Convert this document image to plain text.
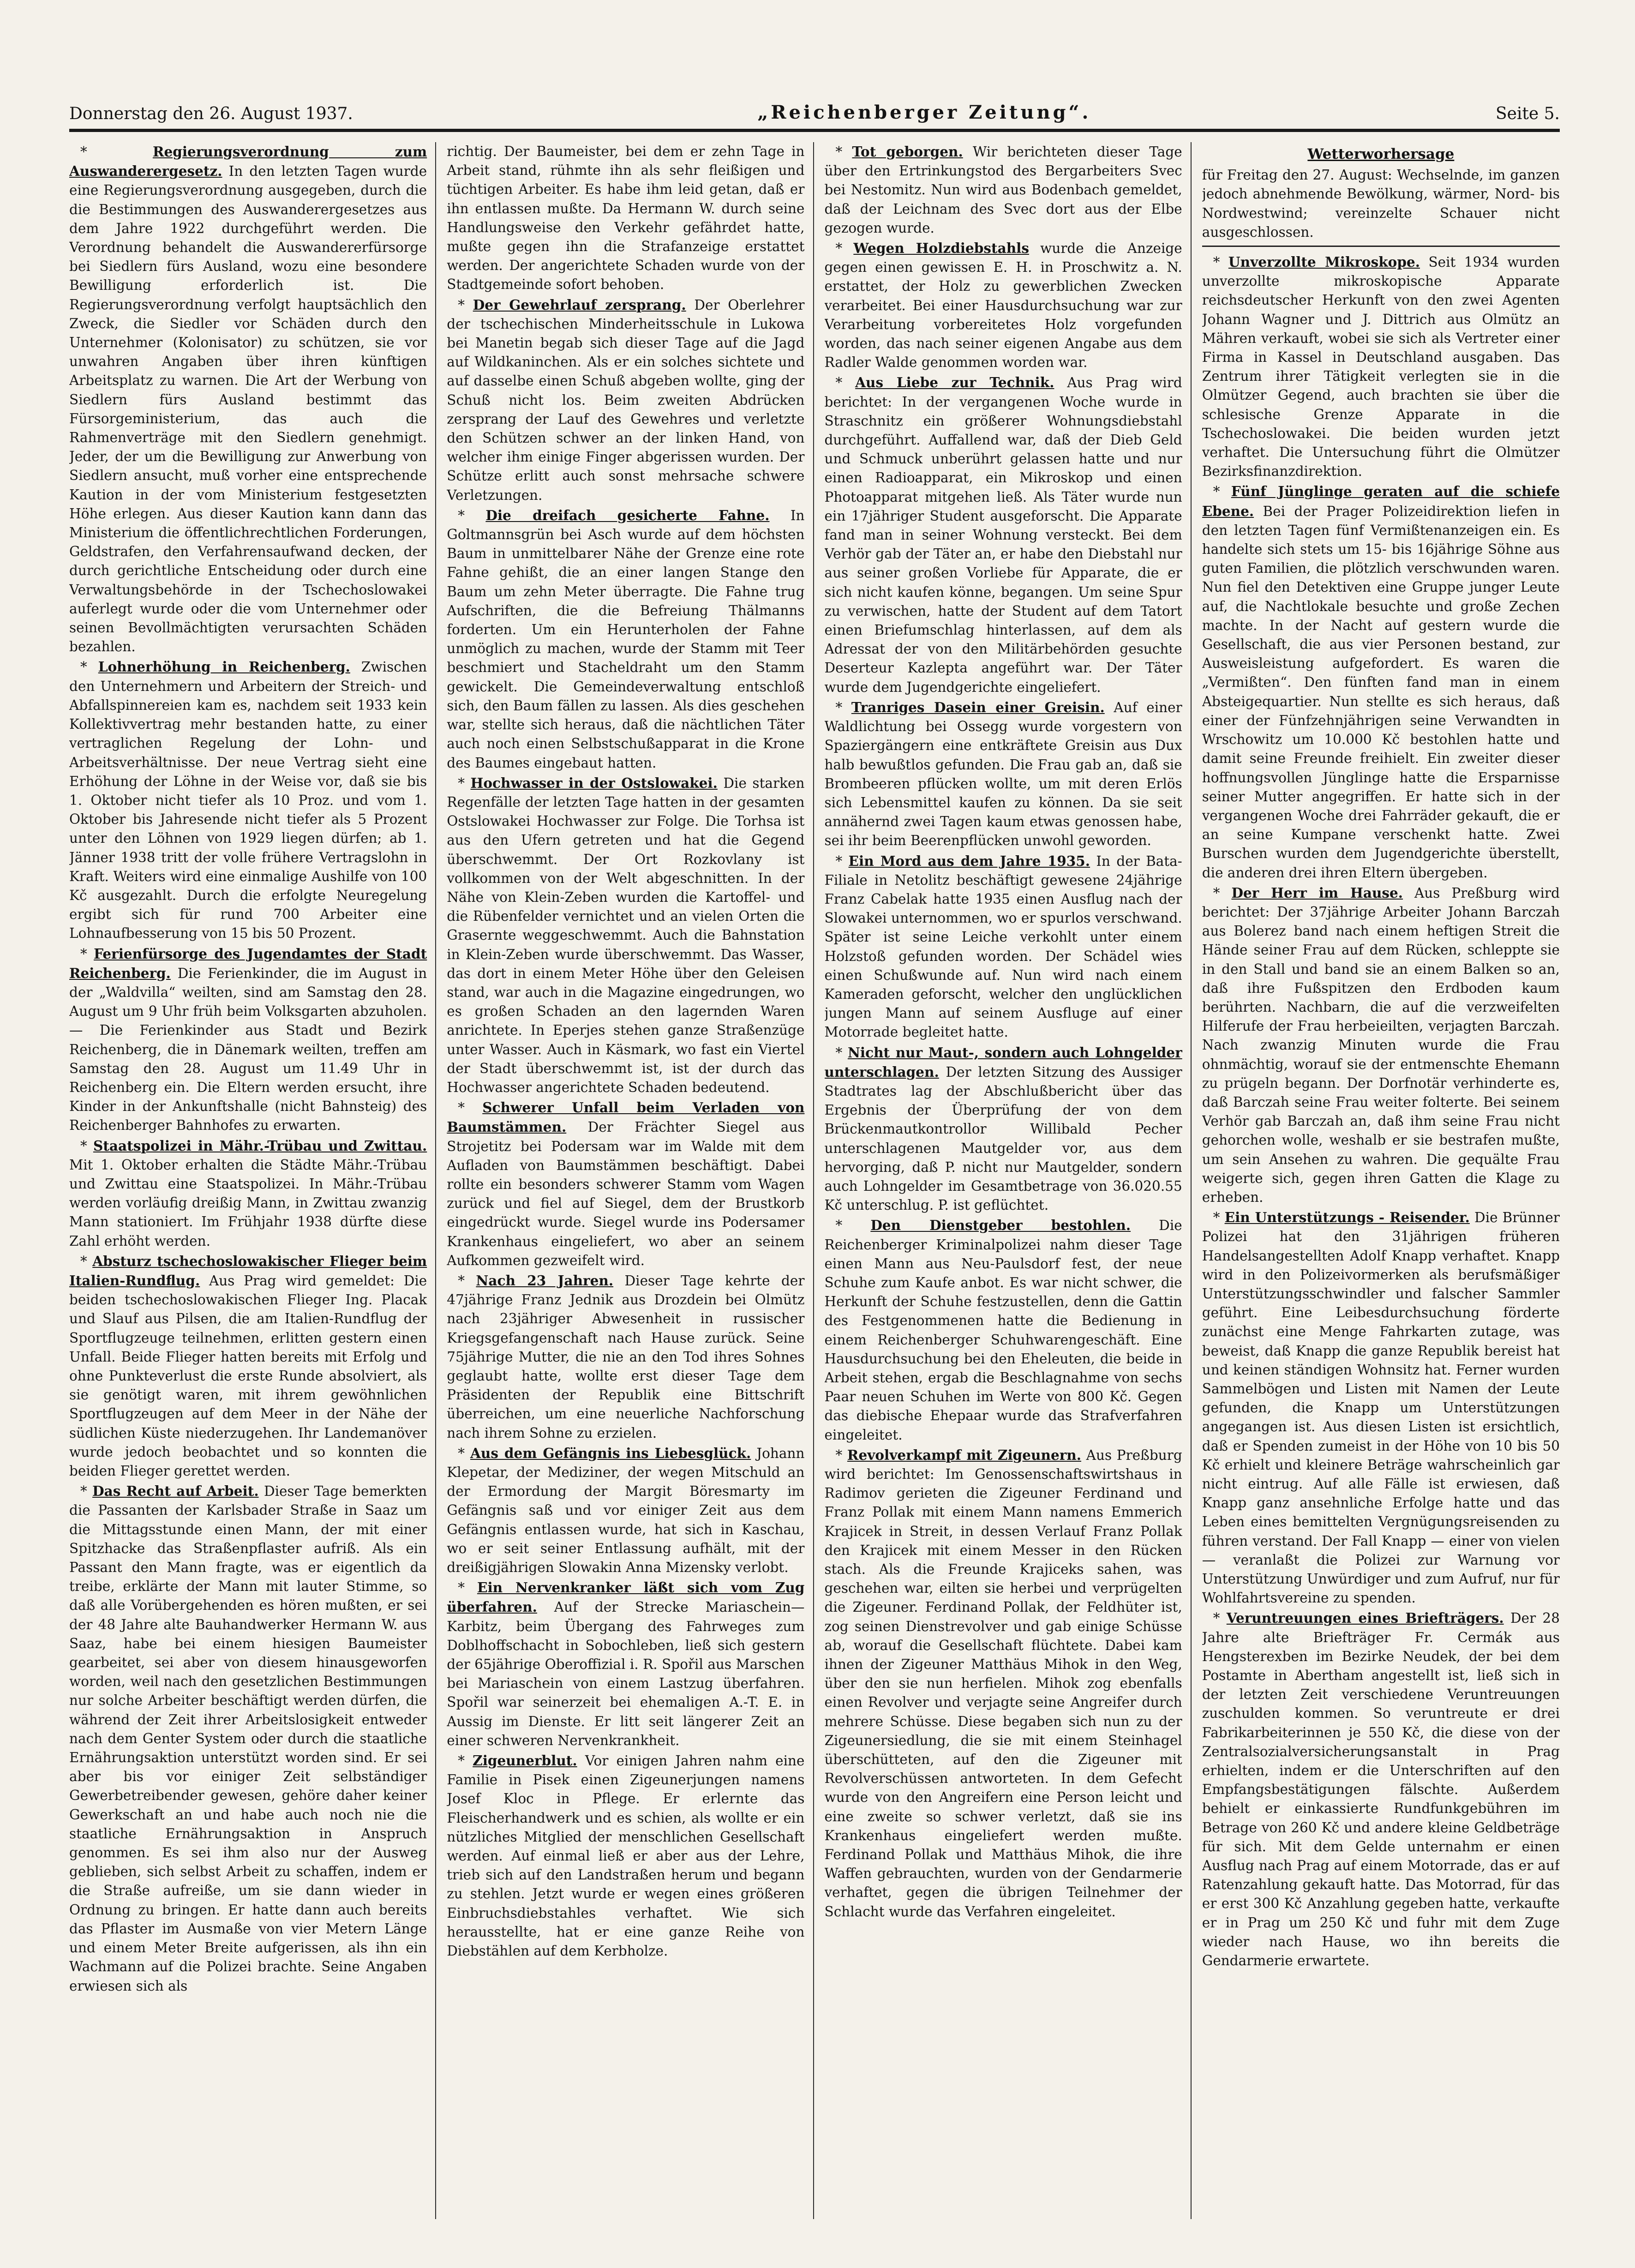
Donnerstag den 26. August 1937.	„Reichenberger Zeitung“.	Seite 5.

* Regierungsverordnung zum Auswanderergesetz. In den letzten Tagen wurde eine Regierungsverordnung ausgegeben, durch die die Bestimmungen des Auswanderergesetzes aus dem Jahre 1922 durchgeführt werden. Die Verordnung behandelt die Auswandererfürsorge bei Siedlern fürs Ausland, wozu eine besondere Bewilligung erforderlich ist. Die Regierungsverordnung verfolgt hauptsächlich den Zweck, die Siedler vor Schäden durch den Unternehmer (Kolonisator) zu schützen, sie vor unwahren Angaben über ihren künftigen Arbeitsplatz zu warnen. Die Art der Werbung von Siedlern fürs Ausland bestimmt das Fürsorgeministerium, das auch die Rahmenverträge mit den Siedlern genehmigt. Jeder, der um die Bewilligung zur Anwerbung von Siedlern ansucht, muß vorher eine entsprechende Kaution in der vom Ministerium festgesetzten Höhe erlegen. Aus dieser Kaution kann dann das Ministerium die öffentlichrechtlichen Forderungen, Geldstrafen, den Verfahrensaufwand decken, der durch gerichtliche Entscheidung oder durch eine Verwaltungsbehörde in der Tschechoslowakei auferlegt wurde oder die vom Unternehmer oder seinen Bevollmächtigten verursachten Schäden bezahlen.

* Lohnerhöhung in Reichenberg. Zwischen den Unternehmern und Arbeitern der Streich- und Abfallspinnereien kam es, nachdem seit 1933 kein Kollektivvertrag mehr bestanden hatte, zu einer vertraglichen Regelung der Lohn- und Arbeitsverhältnisse. Der neue Vertrag sieht eine Erhöhung der Löhne in der Weise vor, daß sie bis 1. Oktober nicht tiefer als 10 Proz. und vom 1. Oktober bis Jahresende nicht tiefer als 5 Prozent unter den Löhnen von 1929 liegen dürfen; ab 1. Jänner 1938 tritt der volle frühere Vertragslohn in Kraft. Weiters wird eine einmalige Aushilfe von 100 Kč ausgezahlt. Durch die erfolgte Neuregelung ergibt sich für rund 700 Arbeiter eine Lohnaufbesserung von 15 bis 50 Prozent.

* Ferienfürsorge des Jugendamtes der Stadt Reichenberg. Die Ferienkinder, die im August in der „Waldvilla“ weilten, sind am Samstag den 28. August um 9 Uhr früh beim Volksgarten abzuholen. — Die Ferienkinder aus Stadt und Bezirk Reichenberg, die in Dänemark weilten, treffen am Samstag den 28. August um 11.49 Uhr in Reichenberg ein. Die Eltern werden ersucht, ihre Kinder in der Ankunftshalle (nicht Bahnsteig) des Reichenberger Bahnhofes zu erwarten.

* Staatspolizei in Mähr.-Trübau und Zwittau. Mit 1. Oktober erhalten die Städte Mähr.-Trübau und Zwittau eine Staatspolizei. In Mähr.-Trübau werden vorläufig dreißig Mann, in Zwittau zwanzig Mann stationiert. Im Frühjahr 1938 dürfte diese Zahl erhöht werden.

* Absturz tschechoslowakischer Flieger beim Italien-Rundflug. Aus Prag wird gemeldet: Die beiden tschechoslowakischen Flieger Ing. Placak und Slauf aus Pilsen, die am Italien-Rundflug der Sportflugzeuge teilnehmen, erlitten gestern einen Unfall. Beide Flieger hatten bereits mit Erfolg und ohne Punkteverlust die erste Runde absolviert, als sie genötigt waren, mit ihrem gewöhnlichen Sportflugzeugen auf dem Meer in der Nähe der südlichen Küste niederzugehen. Ihr Landemanöver wurde jedoch beobachtet und so konnten die beiden Flieger gerettet werden.

* Das Recht auf Arbeit. Dieser Tage bemerkten die Passanten der Karlsbader Straße in Saaz um die Mittagsstunde einen Mann, der mit einer Spitzhacke das Straßenpflaster aufriß. Als ein Passant den Mann fragte, was er eigentlich da treibe, erklärte der Mann mit lauter Stimme, so daß alle Vorübergehenden es hören mußten, er sei der 48 Jahre alte Bauhandwerker Hermann W. aus Saaz, habe bei einem hiesigen Baumeister gearbeitet, sei aber von diesem hinausgeworfen worden, weil nach den gesetzlichen Bestimmungen nur solche Arbeiter beschäftigt werden dürfen, die während der Zeit ihrer Arbeitslosigkeit entweder nach dem Genter System oder durch die staatliche Ernährungsaktion unterstützt worden sind. Er sei aber bis vor einiger Zeit selbständiger Gewerbetreibender gewesen, gehöre daher keiner Gewerkschaft an und habe auch noch nie die staatliche Ernährungsaktion in Anspruch genommen. Es sei ihm also nur der Ausweg geblieben, sich selbst Arbeit zu schaffen, indem er die Straße aufreiße, um sie dann wieder in Ordnung zu bringen. Er hatte dann auch bereits das Pflaster im Ausmaße von vier Metern Länge und einem Meter Breite aufgerissen, als ihn ein Wachmann auf die Polizei brachte. Seine Angaben erwiesen sich als

richtig. Der Baumeister, bei dem er zehn Tage in Arbeit stand, rühmte ihn als sehr fleißigen und tüchtigen Arbeiter. Es habe ihm leid getan, daß er ihn entlassen mußte. Da Hermann W. durch seine Handlungsweise den Verkehr gefährdet hatte, mußte gegen ihn die Strafanzeige erstattet werden. Der angerichtete Schaden wurde von der Stadtgemeinde sofort behoben.

* Der Gewehrlauf zersprang. Der Oberlehrer der tschechischen Minderheitsschule in Lukowa bei Manetin begab sich dieser Tage auf die Jagd auf Wildkaninchen. Als er ein solches sichtete und auf dasselbe einen Schuß abgeben wollte, ging der Schuß nicht los. Beim zweiten Abdrücken zersprang der Lauf des Gewehres und verletzte den Schützen schwer an der linken Hand, von welcher ihm einige Finger abgerissen wurden. Der Schütze erlitt auch sonst mehrsache schwere Verletzungen.

* Die dreifach gesicherte Fahne. In Goltmannsgrün bei Asch wurde auf dem höchsten Baum in unmittelbarer Nähe der Grenze eine rote Fahne gehißt, die an einer langen Stange den Baum um zehn Meter überragte. Die Fahne trug Aufschriften, die die Befreiung Thälmanns forderten. Um ein Herunterholen der Fahne unmöglich zu machen, wurde der Stamm mit Teer beschmiert und Stacheldraht um den Stamm gewickelt. Die Gemeindeverwaltung entschloß sich, den Baum fällen zu lassen. Als dies geschehen war, stellte sich heraus, daß die nächtlichen Täter auch noch einen Selbstschußapparat in die Krone des Baumes eingebaut hatten.

* Hochwasser in der Ostslowakei. Die starken Regenfälle der letzten Tage hatten in der gesamten Ostslowakei Hochwasser zur Folge. Die Torhsa ist aus den Ufern getreten und hat die Gegend überschwemmt. Der Ort Rozkovlany ist vollkommen von der Welt abgeschnitten. In der Nähe von Klein-Zeben wurden die Kartoffel- und die Rübenfelder vernichtet und an vielen Orten die Grasernte weggeschwemmt. Auch die Bahnstation in Klein-Zeben wurde überschwemmt. Das Wasser, das dort in einem Meter Höhe über den Geleisen stand, war auch in die Magazine eingedrungen, wo es großen Schaden an den lagernden Waren anrichtete. In Eperjes stehen ganze Straßenzüge unter Wasser. Auch in Käsmark, wo fast ein Viertel der Stadt überschwemmt ist, ist der durch das Hochwasser angerichtete Schaden bedeutend.

* Schwerer Unfall beim Verladen von Baumstämmen. Der Frächter Siegel aus Strojetitz bei Podersam war im Walde mit dem Aufladen von Baumstämmen beschäftigt. Dabei rollte ein besonders schwerer Stamm vom Wagen zurück und fiel auf Siegel, dem der Brustkorb eingedrückt wurde. Siegel wurde ins Podersamer Krankenhaus eingeliefert, wo aber an seinem Aufkommen gezweifelt wird.

* Nach 23 Jahren. Dieser Tage kehrte der 47jährige Franz Jednik aus Drozdein bei Olmütz nach 23jähriger Abwesenheit in russischer Kriegsgefangenschaft nach Hause zurück. Seine 75jährige Mutter, die nie an den Tod ihres Sohnes geglaubt hatte, wollte erst dieser Tage dem Präsidenten der Republik eine Bittschrift überreichen, um eine neuerliche Nachforschung nach ihrem Sohne zu erzielen.

* Aus dem Gefängnis ins Liebesglück. Johann Klepetar, der Mediziner, der wegen Mitschuld an der Ermordung der Margit Böresmarty im Gefängnis saß und vor einiger Zeit aus dem Gefängnis entlassen wurde, hat sich in Kaschau, wo er seit seiner Entlassung aufhält, mit der dreißigjährigen Slowakin Anna Mizensky verlobt.

* Ein Nervenkranker läßt sich vom Zug überfahren. Auf der Strecke Mariaschein—Karbitz, beim Übergang des Fahrweges zum Doblhoffschacht in Sobochleben, ließ sich gestern der 65jährige Oberoffizial i. R. Spořil aus Marschen bei Mariaschein von einem Lastzug überfahren. Spořil war seinerzeit bei ehemaligen A.-T. E. in Aussig im Dienste. Er litt seit längerer Zeit an einer schweren Nervenkrankheit.

* Zigeunerblut. Vor einigen Jahren nahm eine Familie in Pisek einen Zigeunerjungen namens Josef Kloc in Pflege. Er erlernte das Fleischerhandwerk und es schien, als wollte er ein nützliches Mitglied der menschlichen Gesellschaft werden. Auf einmal ließ er aber aus der Lehre, trieb sich auf den Landstraßen herum und begann zu stehlen. Jetzt wurde er wegen eines größeren Einbruchsdiebstahles verhaftet. Wie sich herausstellte, hat er eine ganze Reihe von Diebstählen auf dem Kerbholze.

* Tot geborgen. Wir berichteten dieser Tage über den Ertrinkungstod des Bergarbeiters Svec bei Nestomitz. Nun wird aus Bodenbach gemeldet, daß der Leichnam des Svec dort aus der Elbe gezogen wurde.

* Wegen Holzdiebstahls wurde die Anzeige gegen einen gewissen E. H. in Proschwitz a. N. erstattet, der Holz zu gewerblichen Zwecken verarbeitet. Bei einer Hausdurchsuchung war zur Verarbeitung vorbereitetes Holz vorgefunden worden, das nach seiner eigenen Angabe aus dem Radler Walde genommen worden war.

* Aus Liebe zur Technik. Aus Prag wird berichtet: In der vergangenen Woche wurde in Straschnitz ein größerer Wohnungsdiebstahl durchgeführt. Auffallend war, daß der Dieb Geld und Schmuck unberührt gelassen hatte und nur einen Radioapparat, ein Mikroskop und einen Photoapparat mitgehen ließ. Als Täter wurde nun ein 17jähriger Student ausgeforscht. Die Apparate fand man in seiner Wohnung versteckt. Bei dem Verhör gab der Täter an, er habe den Diebstahl nur aus seiner großen Vorliebe für Apparate, die er sich nicht kaufen könne, begangen. Um seine Spur zu verwischen, hatte der Student auf dem Tatort einen Briefumschlag hinterlassen, auf dem als Adressat der von den Militärbehörden gesuchte Deserteur Kazlepta angeführt war. Der Täter wurde dem Jugendgerichte eingeliefert.

* Tranriges Dasein einer Greisin. Auf einer Waldlichtung bei Ossegg wurde vorgestern von Spaziergängern eine entkräftete Greisin aus Dux halb bewußtlos gefunden. Die Frau gab an, daß sie Brombeeren pflücken wollte, um mit deren Erlös sich Lebensmittel kaufen zu können. Da sie seit annähernd zwei Tagen kaum etwas genossen habe, sei ihr beim Beerenpflücken unwohl geworden.

* Ein Mord aus dem Jahre 1935. In der Bata-Filiale in Netolitz beschäftigt gewesene 24jährige Franz Cabelak hatte 1935 einen Ausflug nach der Slowakei unternommen, wo er spurlos verschwand. Später ist seine Leiche verkohlt unter einem Holzstoß gefunden worden. Der Schädel wies einen Schußwunde auf. Nun wird nach einem Kameraden geforscht, welcher den unglücklichen jungen Mann auf seinem Ausfluge auf einer Motorrade begleitet hatte.

* Nicht nur Maut-, sondern auch Lohngelder unterschlagen. Der letzten Sitzung des Aussiger Stadtrates lag der Abschlußbericht über das Ergebnis der Überprüfung der von dem Brückenmautkontrollor Willibald Pecher unterschlagenen Mautgelder vor, aus dem hervorging, daß P. nicht nur Mautgelder, sondern auch Lohngelder im Gesamtbetrage von 36.020.55 Kč unterschlug. P. ist geflüchtet.

* Den Dienstgeber bestohlen. Die Reichenberger Kriminalpolizei nahm dieser Tage einen Mann aus Neu-Paulsdorf fest, der neue Schuhe zum Kaufe anbot. Es war nicht schwer, die Herkunft der Schuhe festzustellen, denn die Gattin des Festgenommenen hatte die Bedienung in einem Reichenberger Schuhwarengeschäft. Eine Hausdurchsuchung bei den Eheleuten, die beide in Arbeit stehen, ergab die Beschlagnahme von sechs Paar neuen Schuhen im Werte von 800 Kč. Gegen das diebische Ehepaar wurde das Strafverfahren eingeleitet.

* Revolverkampf mit Zigeunern. Aus Preßburg wird berichtet: Im Genossenschaftswirtshaus in Radimov gerieten die Zigeuner Ferdinand und Franz Pollak mit einem Mann namens Emmerich Krajicek in Streit, in dessen Verlauf Franz Pollak den Krajicek mit einem Messer in den Rücken stach. Als die Freunde Krajiceks sahen, was geschehen war, eilten sie herbei und verprügelten die Zigeuner. Ferdinand Pollak, der Feldhüter ist, zog seinen Dienstrevolver und gab einige Schüsse ab, worauf die Gesellschaft flüchtete. Dabei kam ihnen der Zigeuner Matthäus Mihok in den Weg, über den sie nun herfielen. Mihok zog ebenfalls einen Revolver und verjagte seine Angreifer durch mehrere Schüsse. Diese begaben sich nun zu der Zigeunersiedlung, die sie mit einem Steinhagel überschütteten, auf den die Zigeuner mit Revolverschüssen antworteten. In dem Gefecht wurde von den Angreifern eine Person leicht und eine zweite so schwer verletzt, daß sie ins Krankenhaus eingeliefert werden mußte. Ferdinand Pollak und Matthäus Mihok, die ihre Waffen gebrauchten, wurden von der Gendarmerie verhaftet, gegen die übrigen Teilnehmer der Schlacht wurde das Verfahren eingeleitet.

Wetterworhersage

für Freitag den 27. August: Wechselnde, im ganzen jedoch abnehmende Bewölkung, wärmer, Nord- bis Nordwestwind; vereinzelte Schauer nicht ausgeschlossen.

* Unverzollte Mikroskope. Seit 1934 wurden unverzollte mikroskopische Apparate reichsdeutscher Herkunft von den zwei Agenten Johann Wagner und J. Dittrich aus Olmütz an Mähren verkauft, wobei sie sich als Vertreter einer Firma in Kassel in Deutschland ausgaben. Das Zentrum ihrer Tätigkeit verlegten sie in die Olmützer Gegend, auch brachten sie über die schlesische Grenze Apparate in die Tschechoslowakei. Die beiden wurden jetzt verhaftet. Die Untersuchung führt die Olmützer Bezirksfinanzdirektion.

* Fünf Jünglinge geraten auf die schiefe Ebene. Bei der Prager Polizeidirektion liefen in den letzten Tagen fünf Vermißtenanzeigen ein. Es handelte sich stets um 15- bis 16jährige Söhne aus guten Familien, die plötzlich verschwunden waren. Nun fiel den Detektiven eine Gruppe junger Leute auf, die Nachtlokale besuchte und große Zechen machte. In der Nacht auf gestern wurde die Gesellschaft, die aus vier Personen bestand, zur Ausweisleistung aufgefordert. Es waren die „Vermißten“. Den fünften fand man in einem Absteigequartier. Nun stellte es sich heraus, daß einer der Fünfzehnjährigen seine Verwandten in Wrschowitz um 10.000 Kč bestohlen hatte und damit seine Freunde freihielt. Ein zweiter dieser hoffnungsvollen Jünglinge hatte die Ersparnisse seiner Mutter angegriffen. Er hatte sich in der vergangenen Woche drei Fahrräder gekauft, die er an seine Kumpane verschenkt hatte. Zwei Burschen wurden dem Jugendgerichte überstellt, die anderen drei ihren Eltern übergeben.

* Der Herr im Hause. Aus Preßburg wird berichtet: Der 37jährige Arbeiter Johann Barczah aus Bolerez band nach einem heftigen Streit die Hände seiner Frau auf dem Rücken, schleppte sie in den Stall und band sie an einem Balken so an, daß ihre Fußspitzen den Erdboden kaum berührten. Nachbarn, die auf die verzweifelten Hilferufe der Frau herbeieilten, verjagten Barczah. Nach zwanzig Minuten wurde die Frau ohnmächtig, worauf sie der entmenschte Ehemann zu prügeln begann. Der Dorfnotär verhinderte es, daß Barczah seine Frau weiter folterte. Bei seinem Verhör gab Barczah an, daß ihm seine Frau nicht gehorchen wolle, weshalb er sie bestrafen mußte, um sein Ansehen zu wahren. Die gequälte Frau weigerte sich, gegen ihren Gatten die Klage zu erheben.

* Ein Unterstützungs - Reisender. Die Brünner Polizei hat den 31jährigen früheren Handelsangestellten Adolf Knapp verhaftet. Knapp wird in den Polizeivormerken als berufsmäßiger Unterstützungsschwindler und falscher Sammler geführt. Eine Leibesdurchsuchung förderte zunächst eine Menge Fahrkarten zutage, was beweist, daß Knapp die ganze Republik bereist hat und keinen ständigen Wohnsitz hat. Ferner wurden Sammelbögen und Listen mit Namen der Leute gefunden, die Knapp um Unterstützungen angegangen ist. Aus diesen Listen ist ersichtlich, daß er Spenden zumeist in der Höhe von 10 bis 50 Kč erhielt und kleinere Beträge wahrscheinlich gar nicht eintrug. Auf alle Fälle ist erwiesen, daß Knapp ganz ansehnliche Erfolge hatte und das Leben eines bemittelten Vergnügungsreisenden zu führen verstand. Der Fall Knapp — einer von vielen — veranlaßt die Polizei zur Warnung vor Unterstützung Unwürdiger und zum Aufruf, nur für Wohlfahrtsvereine zu spenden.

* Veruntreuungen eines Briefträgers. Der 28 Jahre alte Briefträger Fr. Cermák aus Hengsterexben im Bezirke Neudek, der bei dem Postamte in Abertham angestellt ist, ließ sich in der letzten Zeit verschiedene Veruntreuungen zuschulden kommen. So veruntreute er drei Fabrikarbeiterinnen je 550 Kč, die diese von der Zentralsozialversicherungsanstalt in Prag erhielten, indem er die Unterschriften auf den Empfangsbestätigungen fälschte. Außerdem behielt er einkassierte Rundfunkgebühren im Betrage von 260 Kč und andere kleine Geldbeträge für sich. Mit dem Gelde unternahm er einen Ausflug nach Prag auf einem Motorrade, das er auf Ratenzahlung gekauft hatte. Das Motorrad, für das er erst 300 Kč Anzahlung gegeben hatte, verkaufte er in Prag um 250 Kč und fuhr mit dem Zuge wieder nach Hause, wo ihn bereits die Gendarmerie erwartete.
